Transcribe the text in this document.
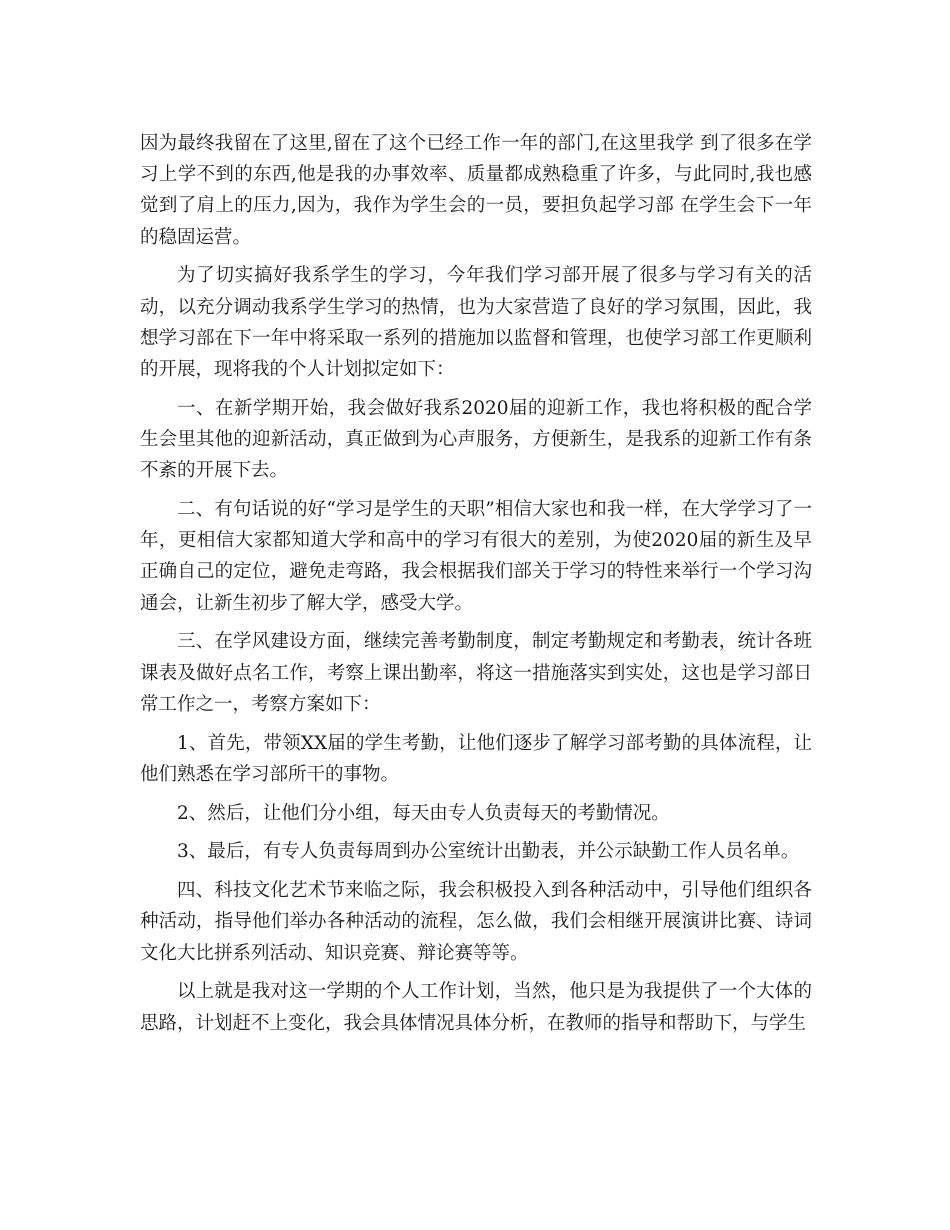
因为最终我留在了这里,留在了这个已经工作一年的部门,在这里我学 到了很多在学习上学不到的东西,他是我的办事效率、质量都成熟稳重了许多，与此同时,我也感觉到了肩上的压力,因为，我作为学生会的一员，要担负起学习部 在学生会下一年的稳固运营。

为了切实搞好我系学生的学习，今年我们学习部开展了很多与学习有关的活动，以充分调动我系学生学习的热情，也为大家营造了良好的学习氛围，因此，我想学习部在下一年中将采取一系列的措施加以监督和管理，也使学习部工作更顺利的开展，现将我的个人计划拟定如下：

一、在新学期开始，我会做好我系2020届的迎新工作，我也将积极的配合学生会里其他的迎新活动，真正做到为心声服务，方便新生，是我系的迎新工作有条不紊的开展下去。

二、有句话说的好“学习是学生的天职”相信大家也和我一样，在大学学习了一年，更相信大家都知道大学和高中的学习有很大的差别，为使2020届的新生及早正确自己的定位，避免走弯路，我会根据我们部关于学习的特性来举行一个学习沟通会，让新生初步了解大学，感受大学。

三、在学风建设方面，继续完善考勤制度，制定考勤规定和考勤表，统计各班课表及做好点名工作，考察上课出勤率，将这一措施落实到实处，这也是学习部日常工作之一，考察方案如下：

1、首先，带领XX届的学生考勤，让他们逐步了解学习部考勤的具体流程，让他们熟悉在学习部所干的事物。

2、然后，让他们分小组，每天由专人负责每天的考勤情况。

3、最后，有专人负责每周到办公室统计出勤表，并公示缺勤工作人员名单。

四、科技文化艺术节来临之际，我会积极投入到各种活动中，引导他们组织各种活动，指导他们举办各种活动的流程，怎么做，我们会相继开展演讲比赛、诗词文化大比拼系列活动、知识竞赛、辩论赛等等。

以上就是我对这一学期的个人工作计划，当然，他只是为我提供了一个大体的思路，计划赶不上变化，我会具体情况具体分析，在教师的指导和帮助下，与学生
